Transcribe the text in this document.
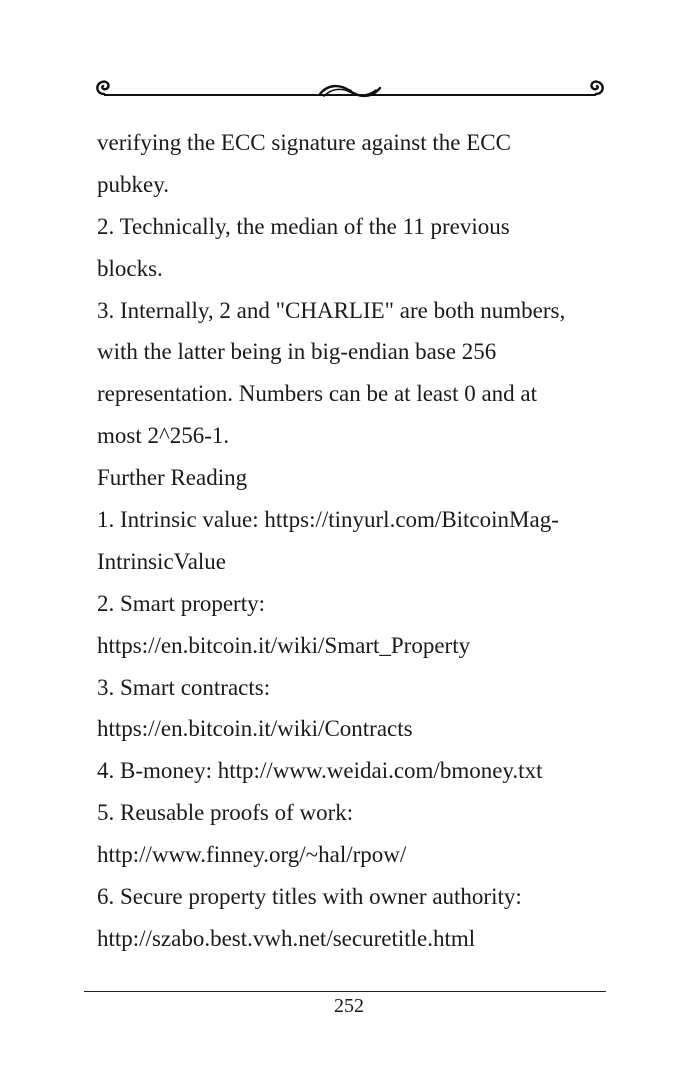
verifying the ECC signature against the ECC
pubkey.
2. Technically, the median of the 11 previous
blocks.
3. Internally, 2 and "CHARLIE" are both numbers,
with the latter being in big-endian base 256
representation. Numbers can be at least 0 and at
most 2^256-1.
Further Reading
1. Intrinsic value: https://tinyurl.com/BitcoinMag-
IntrinsicValue
2. Smart property:
https://en.bitcoin.it/wiki/Smart_Property
3. Smart contracts:
https://en.bitcoin.it/wiki/Contracts
4. B-money: http://www.weidai.com/bmoney.txt
5. Reusable proofs of work:
http://www.finney.org/~hal/rpow/
6. Secure property titles with owner authority:
http://szabo.best.vwh.net/securetitle.html
252
